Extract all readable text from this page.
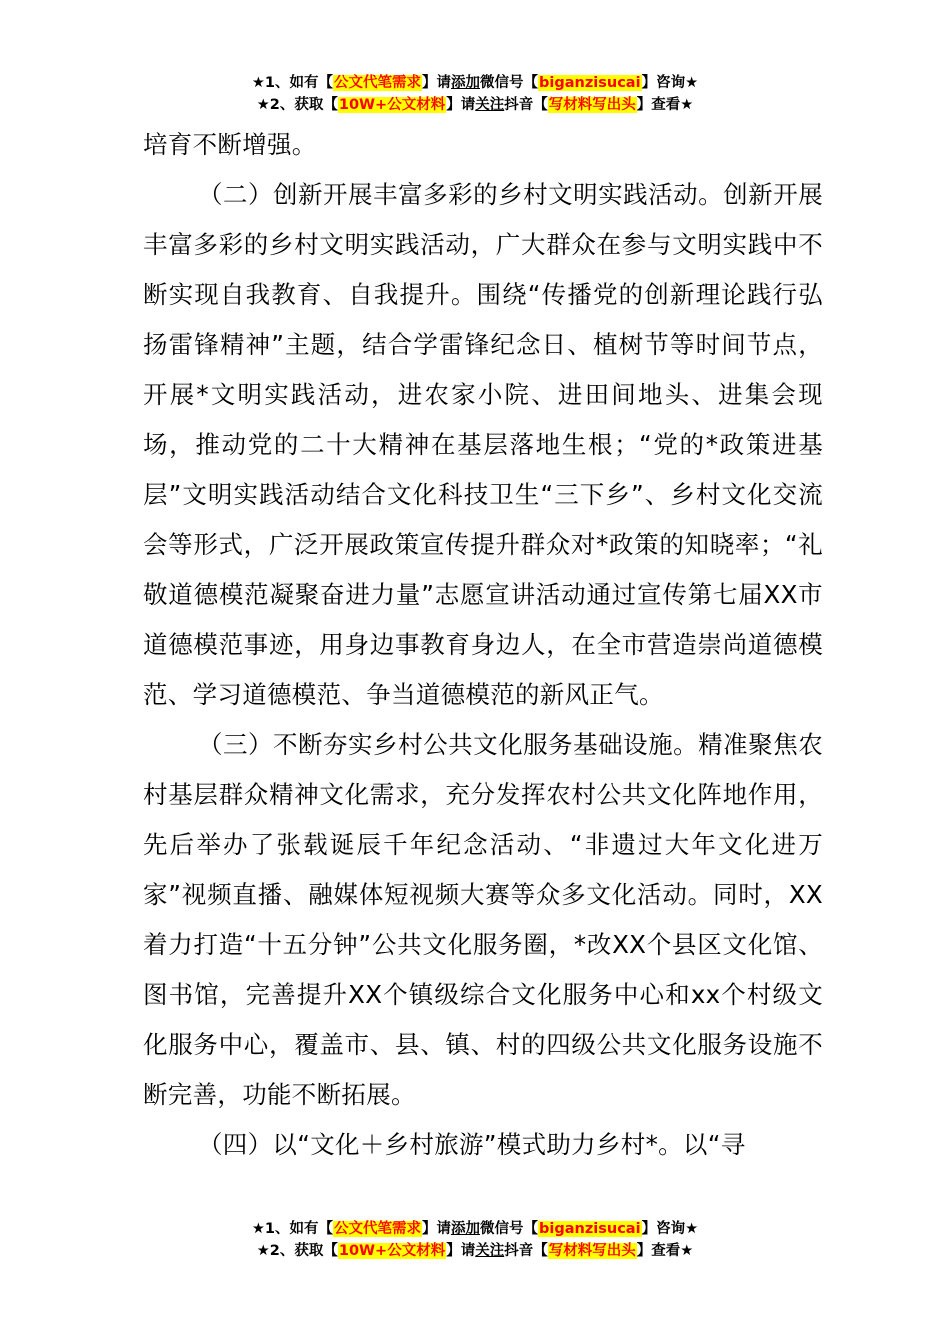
★1、如有【公文代笔需求】请添加微信号【biganzisucai】咨询★
★2、获取【10W+公文材料】请关注抖音【写材料写出头】查看★

培育不断增强。

（二）创新开展丰富多彩的乡村文明实践活动。创新开展丰富多彩的乡村文明实践活动，广大群众在参与文明实践中不断实现自我教育、自我提升。围绕“传播党的创新理论践行弘扬雷锋精神”主题，结合学雷锋纪念日、植树节等时间节点，开展*文明实践活动，进农家小院、进田间地头、进集会现场，推动党的二十大精神在基层落地生根；“党的*政策进基层”文明实践活动结合文化科技卫生“三下乡”、乡村文化交流会等形式，广泛开展政策宣传提升群众对*政策的知晓率；“礼敬道德模范凝聚奋进力量”志愿宣讲活动通过宣传第七届XX市道德模范事迹，用身边事教育身边人，在全市营造崇尚道德模范、学习道德模范、争当道德模范的新风正气。

（三）不断夯实乡村公共文化服务基础设施。精准聚焦农村基层群众精神文化需求，充分发挥农村公共文化阵地作用，先后举办了张载诞辰千年纪念活动、“非遗过大年文化进万家”视频直播、融媒体短视频大赛等众多文化活动。同时，XX着力打造“十五分钟”公共文化服务圈，*改XX个县区文化馆、图书馆，完善提升XX个镇级综合文化服务中心和xx个村级文化服务中心，覆盖市、县、镇、村的四级公共文化服务设施不断完善，功能不断拓展。

（四）以“文化＋乡村旅游”模式助力乡村*。以“寻

★1、如有【公文代笔需求】请添加微信号【biganzisucai】咨询★
★2、获取【10W+公文材料】请关注抖音【写材料写出头】查看★
